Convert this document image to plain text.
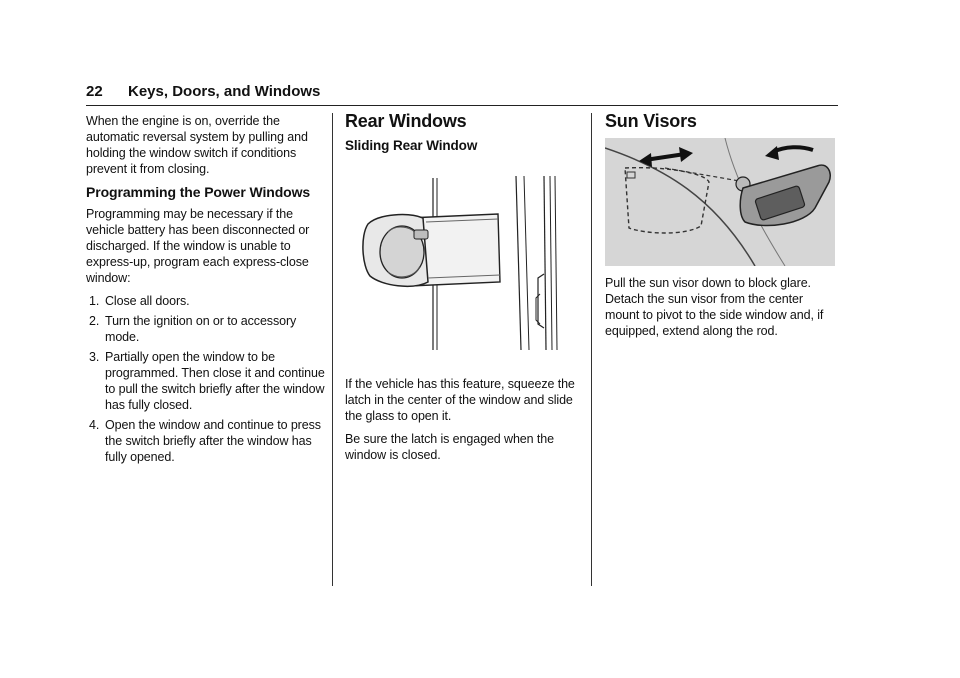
22 Keys, Doors, and Windows

When the engine is on, override the automatic reversal system by pulling and holding the window switch if conditions prevent it from closing.

Programming the Power Windows

Programming may be necessary if the vehicle battery has been disconnected or discharged. If the window is unable to express-up, program each express-close window:

1. Close all doors.
2. Turn the ignition on or to accessory mode.
3. Partially open the window to be programmed. Then close it and continue to pull the switch briefly after the window has fully closed.
4. Open the window and continue to press the switch briefly after the window has fully opened.
Rear Windows
Sliding Rear Window

If the vehicle has this feature, squeeze the latch in the center of the window and slide the glass to open it.

Be sure the latch is engaged when the window is closed.

Sun Visors

Pull the sun visor down to block glare. Detach the sun visor from the center mount to pivot to the side window and, if equipped, extend along the rod.
